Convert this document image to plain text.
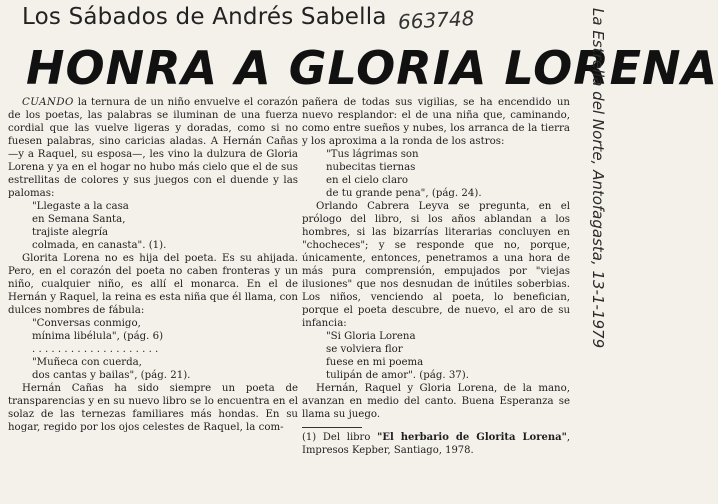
Los Sábados de Andrés Sabella 663748
HONRA A GLORIA LORENA

CUANDO la ternura de un niño envuelve el corazón de los poetas, las palabras se iluminan de una fuerza cordial que las vuelve ligeras y doradas, como si no fuesen palabras, sino caricias aladas. A Hernán Cañas —y a Raquel, su esposa—, les vino la dulzura de Gloria Lorena y ya en el hogar no hubo más cielo que el de sus estrellitas de colores y sus juegos con el duende y las palomas:

"Llegaste a la casa
en Semana Santa,
trajiste alegría
colmada, en canasta". (1).

Glorita Lorena no es hija del poeta. Es su ahijada. Pero, en el corazón del poeta no caben fronteras y un niño, cualquier niño, es allí el monarca. En el de Hernán y Raquel, la reina es esta niña que él llama, con dulces nombres de fábula:

"Conversas conmigo,
mínima libélula", (pág. 6)
. . . . . . . . . . . . . . . . . . . .
"Muñeca con cuerda,
dos cantas y bailas", (pág. 21).

Hernán Cañas ha sido siempre un poeta de transparencias y en su nuevo libro se lo encuentra en el solaz de las ternezas familiares más hondas. En su hogar, regido por los ojos celestes de Raquel, la com-

pañera de todas sus vigilias, se ha encendido un nuevo resplandor: el de una niña que, caminando, como entre sueños y nubes, los arranca de la tierra y los aproxima a la ronda de los astros:

"Tus lágrimas son
nubecitas tiernas
en el cielo claro
de tu grande pena", (pág. 24).

Orlando Cabrera Leyva se pregunta, en el prólogo del libro, si los años ablandan a los hombres, si las bizarrías literarias concluyen en "chocheces"; y se responde que no, porque, únicamente, entonces, penetramos a una hora de más pura comprensión, empujados por "viejas ilusiones" que nos desnudan de inútiles soberbias. Los niños, venciendo al poeta, lo benefician, porque el poeta descubre, de nuevo, el aro de su infancia:

"Si Gloria Lorena
se volviera flor
fuese en mi poema
tulipán de amor". (pág. 37).

Hernán, Raquel y Gloria Lorena, de la mano, avanzan en medio del canto. Buena Esperanza se llama su juego.

(1) Del libro "El herbario de Glorita Lorena", Impresos Kepber, Santiago, 1978.

La Estrella del Norte, Antofagasta, 13-1-1979
